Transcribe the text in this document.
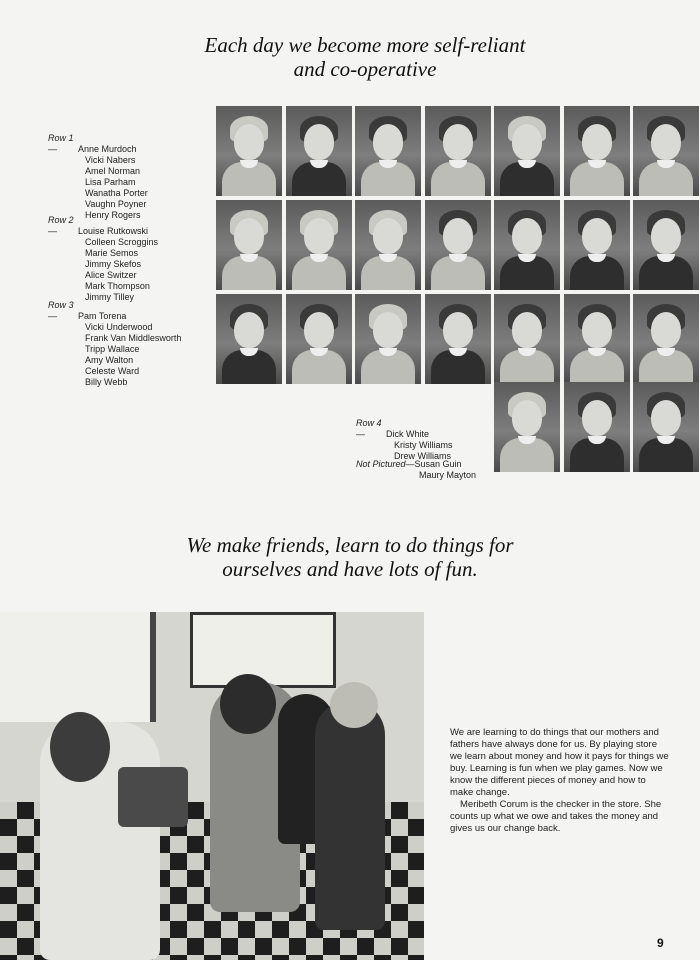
Each day we become more self-reliant
and co-operative
Row 1— Anne Murdoch
Vicki Nabers
Amel Norman
Lisa Parham
Wanatha Porter
Vaughn Poyner
Henry Rogers
Row 2— Louise Rutkowski
Colleen Scroggins
Marie Semos
Jimmy Skefos
Alice Switzer
Mark Thompson
Jimmy Tilley
Row 3— Pam Torena
Vicki Underwood
Frank Van Middlesworth
Tripp Wallace
Amy Walton
Celeste Ward
Billy Webb
Row 4— Dick White
Kristy Williams
Drew Williams
Not Pictured—Susan Guin
Maury Mayton
We make friends, learn to do things for
ourselves and have lots of fun.

We are learning to do things that our mothers and fathers have always done for us. By playing store we learn about money and how it pays for things we buy. Learning is fun when we play games. Now we know the different pieces of money and how to make change.

Meribeth Corum is the checker in the store. She counts up what we owe and takes the money and gives us our change back.

9
